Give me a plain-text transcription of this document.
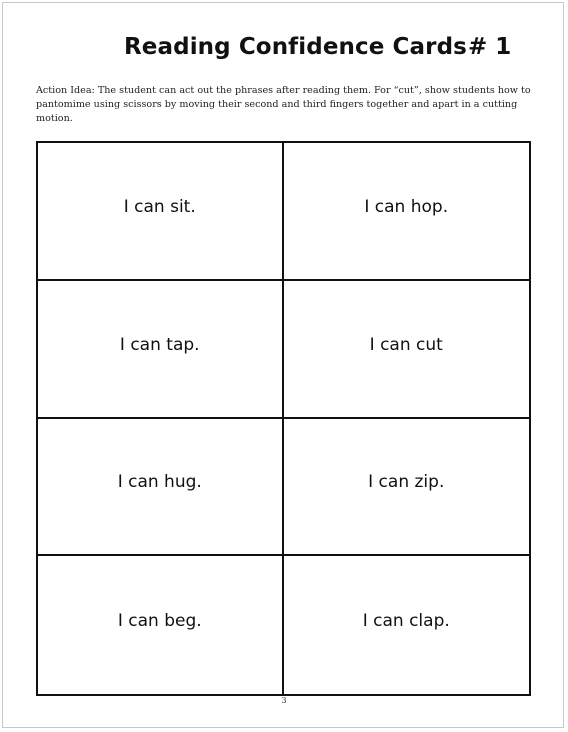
Reading Confidence Cards # 1
Action Idea: The student can act out the phrases after reading them. For “cut”, show students how to pantomime using scissors by moving their second and third fingers together and apart in a cutting motion.
I can sit.	I can hop.
I can tap.	I can cut
I can hug.	I can zip.
I can beg.	I can clap.
3
